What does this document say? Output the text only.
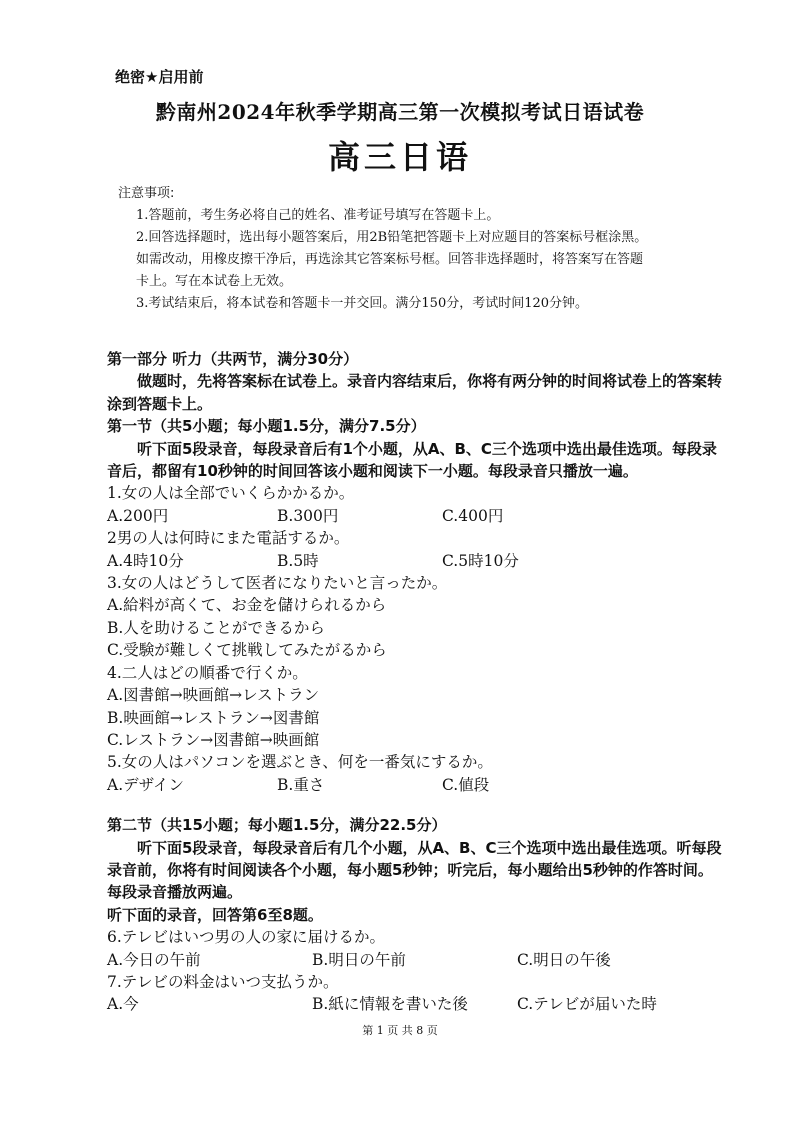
绝密★启用前
黔南州2024年秋季学期高三第一次模拟考试日语试卷
高三日语
注意事项:
1.答题前，考生务必将自己的姓名、准考证号填写在答题卡上。
2.回答选择题时，选出每小题答案后，用2B铅笔把答题卡上对应题目的答案标号框涂黑。
如需改动，用橡皮擦干净后，再选涂其它答案标号框。回答非选择题时，将答案写在答题
卡上。写在本试卷上无效。
3.考试结束后，将本试卷和答题卡一并交回。满分150分，考试时间120分钟。
第一部分 听力（共两节，满分30分）
做题时，先将答案标在试卷上。录音内容结束后，你将有两分钟的时间将试卷上的答案转涂到答题卡上。
第一节（共5小题；每小题1.5分，满分7.5分）
听下面5段录音，每段录音后有1个小题，从A、B、C三个选项中选出最佳选项。每段录音后，都留有10秒钟的时间回答该小题和阅读下一小题。每段录音只播放一遍。
1.女の人は全部でいくらかかるか。
A.200円	B.300円	C.400円
2男の人は何時にまた電話するか。
A.4時10分	B.5時	C.5時10分
3.女の人はどうして医者になりたいと言ったか。
A.給料が高くて、お金を儲けられるから
B.人を助けることができるから
C.受験が難しくて挑戦してみたがるから
4.二人はどの順番で行くか。
A.図書館→映画館→レストラン
B.映画館→レストラン→図書館
C.レストラン→図書館→映画館
5.女の人はパソコンを選ぶとき、何を一番気にするか。
A.デザイン	B.重さ	C.値段
第二节（共15小题；每小题1.5分，满分22.5分）
听下面5段录音，每段录音后有几个小题，从A、B、C三个选项中选出最佳选项。听每段录音前，你将有时间阅读各个小题，每小题5秒钟；听完后，每小题给出5秒钟的作答时间。每段录音播放两遍。
听下面的录音，回答第6至8题。
6.テレビはいつ男の人の家に届けるか。
A.今日の午前	B.明日の午前	C.明日の午後
7.テレビの料金はいつ支払うか。
A.今	B.紙に情報を書いた後	C.テレビが届いた時
第 1 页 共 8 页
